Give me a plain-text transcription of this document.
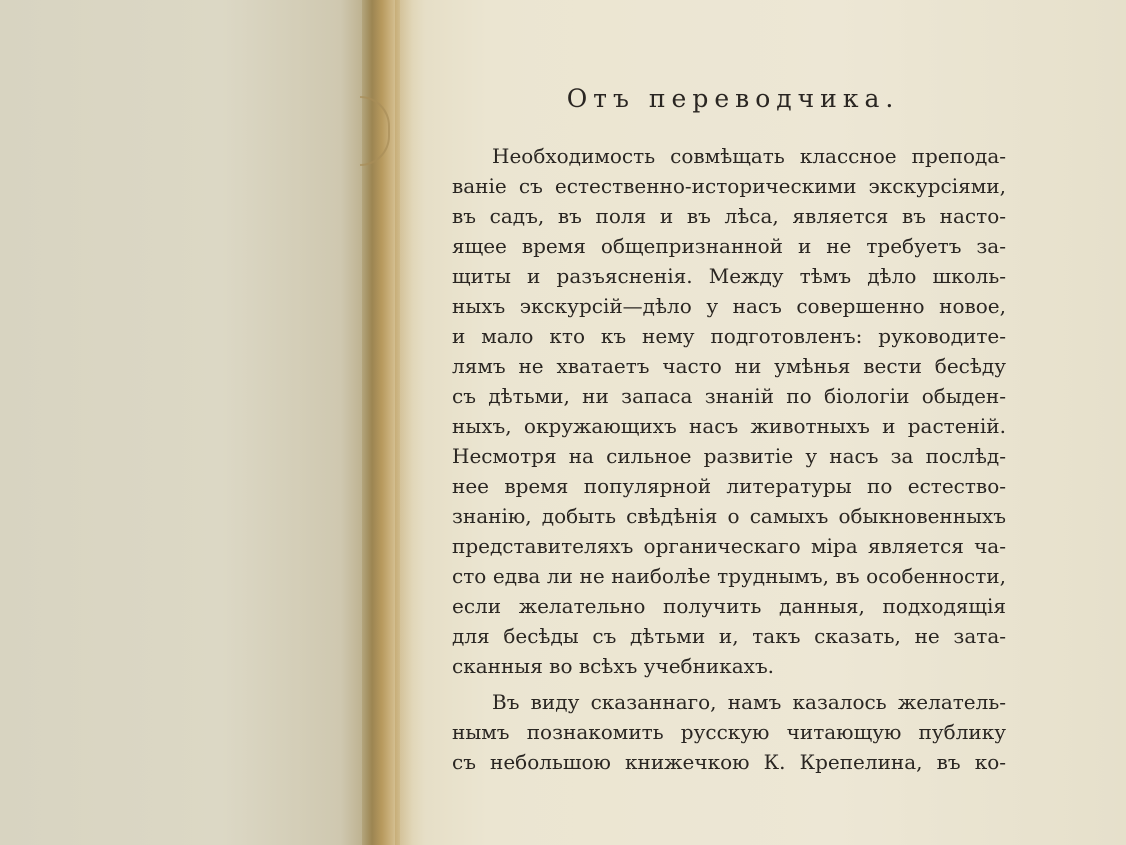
Отъ переводчика.
Необходимость совмѣщать классное препода-
ваніе съ естественно-историческими экскурсіями,
въ садъ, въ поля и въ лѣса, является въ насто-
ящее время общепризнанной и не требуетъ за-
щиты и разъясненія. Между тѣмъ дѣло школь-
ныхъ экскурсій—дѣло у насъ совершенно новое,
и мало кто къ нему подготовленъ: руководите-
лямъ не хватаетъ часто ни умѣнья вести бесѣду
съ дѣтьми, ни запаса знаній по біологіи обыден-
ныхъ, окружающихъ насъ животныхъ и растеній.
Несмотря на сильное развитіе у насъ за послѣд-
нее время популярной литературы по естество-
знанію, добыть свѣдѣнія о самыхъ обыкновенныхъ
представителяхъ органическаго міра является ча-
сто едва ли не наиболѣе труднымъ, въ особенности,
если желательно получить данныя, подходящія
для бесѣды съ дѣтьми и, такъ сказать, не зата-
сканныя во всѣхъ учебникахъ.
Въ виду сказаннаго, намъ казалось желатель-
нымъ познакомить русскую читающую публику
съ небольшою книжечкою К. Крепелина, въ ко-
